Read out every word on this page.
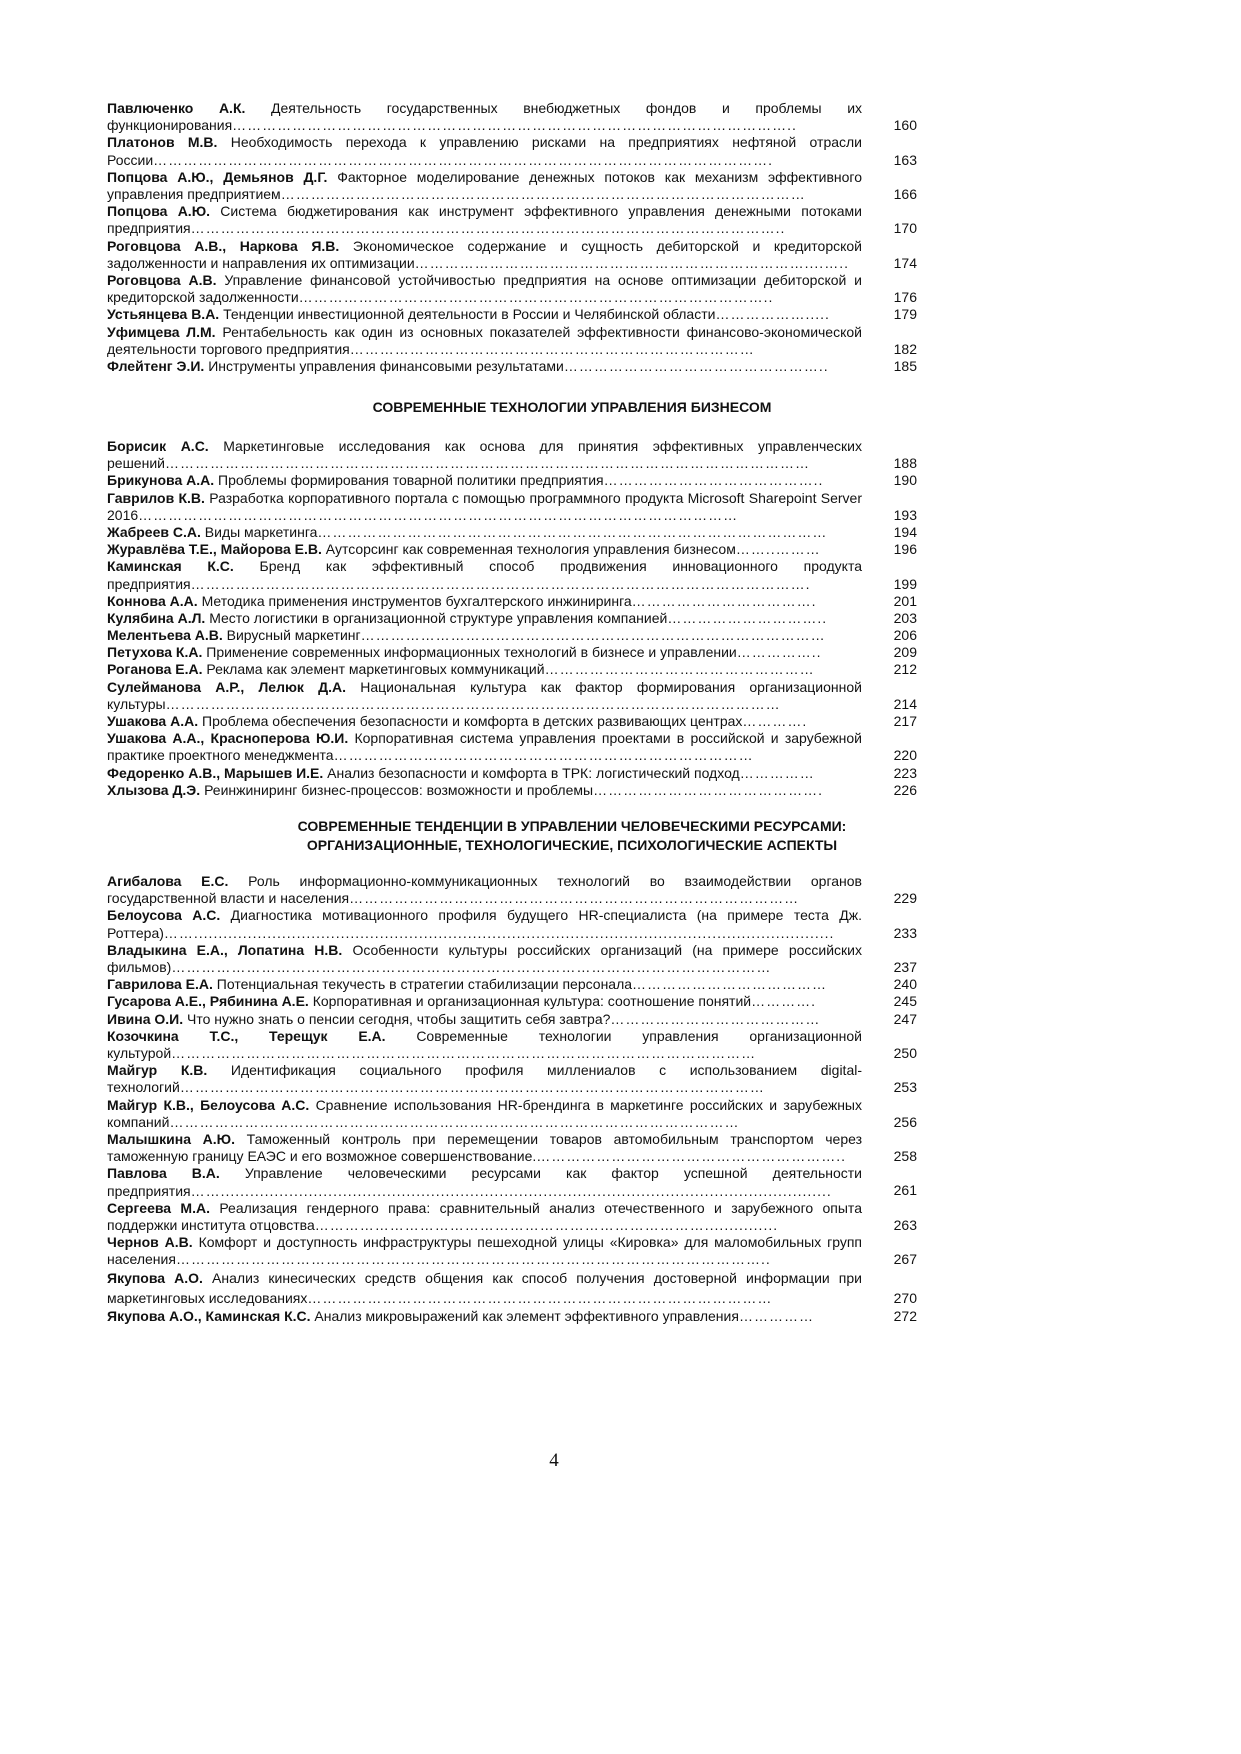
Павлюченко А.К. Деятельность государственных внебюджетных фондов и проблемы их функционирования…………………………………………………………………………………………………..	160
Платонов М.В. Необходимость перехода к управлению рисками на предприятиях нефтяной отрасли России…………………………………………………………………………………………………………….	163
Попцова А.Ю., Демьянов Д.Г. Факторное моделирование денежных потоков как механизм эффективного управления предприятием……………………………………………………………………………………………	166
Попцова А.Ю. Система бюджетирования как инструмент эффективного управления денежными потоками предприятия………………………………………………………………………………………………………..	170
Роговцова А.В., Наркова Я.В. Экономическое содержание и сущность дебиторской и кредиторской задолженности и направления их оптимизации……………………………………………………………………....…..	174
Роговцова А.В. Управление финансовой устойчивостью предприятия на основе оптимизации дебиторской и кредиторской задолженности…………………………………………………………………………………..	176
Устьянцева В.А. Тенденции инвестиционной деятельности в России и Челябинской области……………….....	179
Уфимцева Л.М. Рентабельность как один из основных показателей эффективности финансово-экономической деятельности торгового предприятия………………………………………………………………………	182
Флейтенг Э.И. Инструменты управления финансовыми результатами……………………………………………..	185
СОВРЕМЕННЫЕ ТЕХНОЛОГИИ УПРАВЛЕНИЯ БИЗНЕСОМ
Борисик А.С. Маркетинговые исследования как основа для принятия эффективных управленческих решений…………………………………………………………………………………………………………………	188
Брикунова А.А. Проблемы формирования товарной политики предприятия……………………………………..	190
Гаврилов К.В. Разработка корпоративного портала с помощью программного продукта Microsoft Sharepoint Server 2016…………………………………………………………………………………………………………	193
Жабреев С.А. Виды маркетинга…………………………………………………………………………………………	194
Журавлёва Т.Е., Майорова Е.В. Аутсорсинг как современная технология управления бизнесом……..………	196
Каминская К.С. Бренд как эффективный способ продвижения инновационного продукта предприятия…………………………………………………………………………………………………………….	199
Коннова А.А. Методика применения инструментов бухгалтерского инжиниринга……………………………….	201
Кулябина А.Л. Место логистики в организационной структуре управления компанией…………………………..	203
Мелентьева А.В. Вирусный маркетинг…………………………………………………………………………………	206
Петухова К.А. Применение современных информационных технологий в бизнесе и управлении……………..	209
Роганова Е.А. Реклама как элемент маркетинговых коммуникаций………………………………………………	212
Сулейманова А.Р., Лелюк Д.А. Национальная культура как фактор формирования организационной культуры……………………………………………………………………………………………………………	214
Ушакова А.А. Проблема обеспечения безопасности и комфорта в детских развивающих центрах………….	217
Ушакова А.А., Красноперова Ю.И. Корпоративная система управления проектами в российской и зарубежной практике проектного менеджмента…………………………………………………………………………	220
Федоренко А.В., Марышев И.Е. Анализ безопасности и комфорта в ТРК: логистический подход……………	223
Хлызова Д.Э. Реинжиниринг бизнес-процессов: возможности и проблемы……………………………………….	226
СОВРЕМЕННЫЕ ТЕНДЕНЦИИ В УПРАВЛЕНИИ ЧЕЛОВЕЧЕСКИМИ РЕСУРСАМИ:
ОРГАНИЗАЦИОННЫЕ, ТЕХНОЛОГИЧЕСКИЕ, ПСИХОЛОГИЧЕСКИЕ АСПЕКТЫ
Агибалова Е.С. Роль информационно-коммуникационных технологий во взаимодействии органов государственной власти и населения………………………………………………………………………………	229
Белоусова А.С. Диагностика мотивационного профиля будущего HR-специалиста (на примере теста Дж. Роттера)……...................................................................................................................................	233
Владыкина Е.А., Лопатина Н.В. Особенности культуры российских организаций (на примере российских фильмов)…………………………………………………………………………………………………………	237
Гаврилова Е.А. Потенциальная текучесть в стратегии стабилизации персонала…………………………………	240
Гусарова А.Е., Рябинина А.Е. Корпоративная и организационная культура: соотношение понятий………….	245
Ивина О.И. Что нужно знать о пенсии сегодня, чтобы защитить себя завтра?……………………………………	247
Козочкина Т.С., Терещук Е.А. Современные технологии управления организационной культурой………………………………………………………………………………………………………	250
Майгур К.В. Идентификация социального профиля миллениалов с использованием digital-технологий………………………………………………………………………………………………………	253
Майгур К.В., Белоусова А.С. Сравнение использования HR-брендинга в маркетинге российских и зарубежных компаний……………………………………………………………………………………………………	256
Малышкина А.Ю. Таможенный контроль при перемещении товаров автомобильным транспортом через таможенную границу ЕАЭС и его возможное совершенствование.……………………………………………………..	258
Павлова В.А. Управление человеческими ресурсами как фактор успешной деятельности предприятия…….............................................................................................................................	261
Сергеева М.А. Реализация гендерного права: сравнительный анализ отечественного и зарубежного опыта поддержки института отцовства……………………………………………………………………...............	263
Чернов А.В. Комфорт и доступность инфраструктуры пешеходной улицы «Кировка» для маломобильных групп населения………………………………………………………………………………………………………..	267
Якупова А.О. Анализ кинесических средств общения как способ получения достоверной информации при маркетинговых исследованиях…………………………………………………………………………………	270
Якупова А.О., Каминская К.С. Анализ микровыражений как элемент эффективного управления……………	272
4
